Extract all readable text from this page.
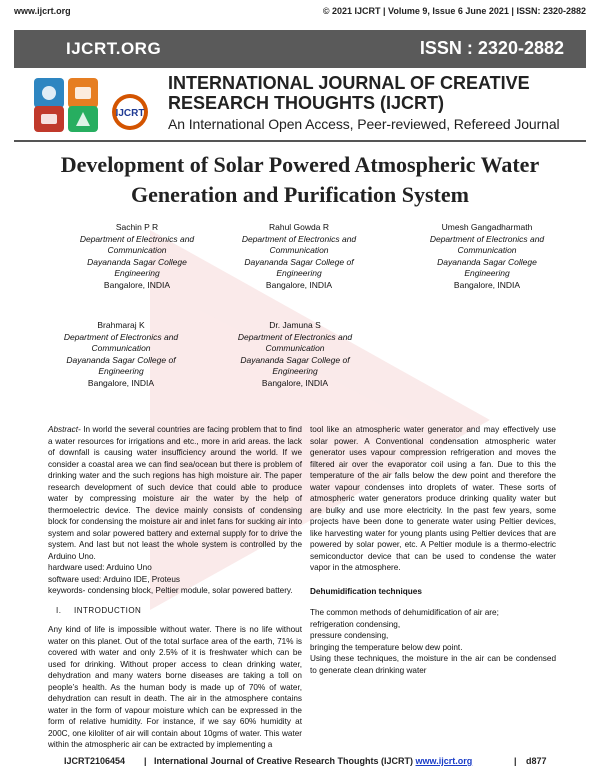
www.ijcrt.org	© 2021 IJCRT | Volume 9, Issue 6 June 2021 | ISSN: 2320-2882
IJCRT.ORG	ISSN : 2320-2882
IJCRT
INTERNATIONAL JOURNAL OF CREATIVE
RESEARCH THOUGHTS (IJCRT)
An International Open Access, Peer-reviewed, Refereed Journal
Development of Solar Powered Atmospheric Water Generation and Purification System
Sachin P R
Department of Electronics and
Communication
Dayananda Sagar College
Engineering
Bangalore, INDIA
Rahul Gowda R
Department of Electronics and
Communication
Dayananda Sagar College of
Engineering
Bangalore, INDIA
Umesh Gangadharmath
Department of Electronics and
Communication
Dayananda Sagar College
Engineering
Bangalore, INDIA
Brahmaraj K
Department of Electronics and
Communication
Dayananda Sagar College of
Engineering
Bangalore, INDIA
Dr. Jamuna S
Department of Electronics and
Communication
Dayananda Sagar College of
Engineering
Bangalore, INDIA

Abstract- In world the several countries are facing problem that to find a water resources for irrigations and etc., more in arid areas. the lack of downfall is causing water insufficiency around the world. If we consider a coastal area we can find sea/ocean but there is problem of drinking water and the such regions has high moisture air. The paper research development of such device that could able to produce water by compressing moisture air the water by the help of thermoelectric device. The device mainly consists of condensing block for condensing the moisture air and inlet fans for sucking air into system and solar powered battery and external supply for to drive the system. And last but not least the whole system is controlled by the Arduino Uno.

hardware used: Arduino Uno
software used: Arduino IDE, Proteus
keywords- condensing block, Peltier module, solar powered battery.
I. INTRODUCTION

Any kind of life is impossible without water. There is no life without water on this planet. Out of the total surface area of the earth, 71% is covered with water and only 2.5% of it is freshwater which can be used for drinking. Without proper access to clean drinking water, dehydration and many waters borne diseases are taking a toll on people’s health. As the human body is made up of 70% of water, dehydration can result in death. The air in the atmosphere contains water in the form of vapour moisture which can be expressed in the form of relative humidity. For instance, if we say 60% humidity at 200C, one kiloliter of air will contain about 10gms of water. This water within the atmospheric air can be extracted by implementing a

tool like an atmospheric water generator and may effectively use solar power. A Conventional condensation atmospheric water generator uses vapour compression refrigeration and moves the filtered air over the evaporator coil using a fan. Due to this the temperature of the air falls below the dew point and therefore the water vapour condenses into droplets of water. These sorts of atmospheric water generators produce drinking quality water but are bulky and use more electricity. In the past few years, some projects have been done to generate water using Peltier devices, like harvesting water for young plants using Peltier devices that are powered by solar power, etc. A Peltier module is a thermo-electric semiconductor device that can be used to condense the water vapor in the atmosphere.

Dehumidification techniques
The common methods of dehumidification of air are;
refrigeration condensing,
pressure condensing,
bringing the temperature below dew point.

Using these techniques, the moisture in the air can be condensed to generate clean drinking water

IJCRT2106454 | International Journal of Creative Research Thoughts (IJCRT) www.ijcrt.org	| d877
